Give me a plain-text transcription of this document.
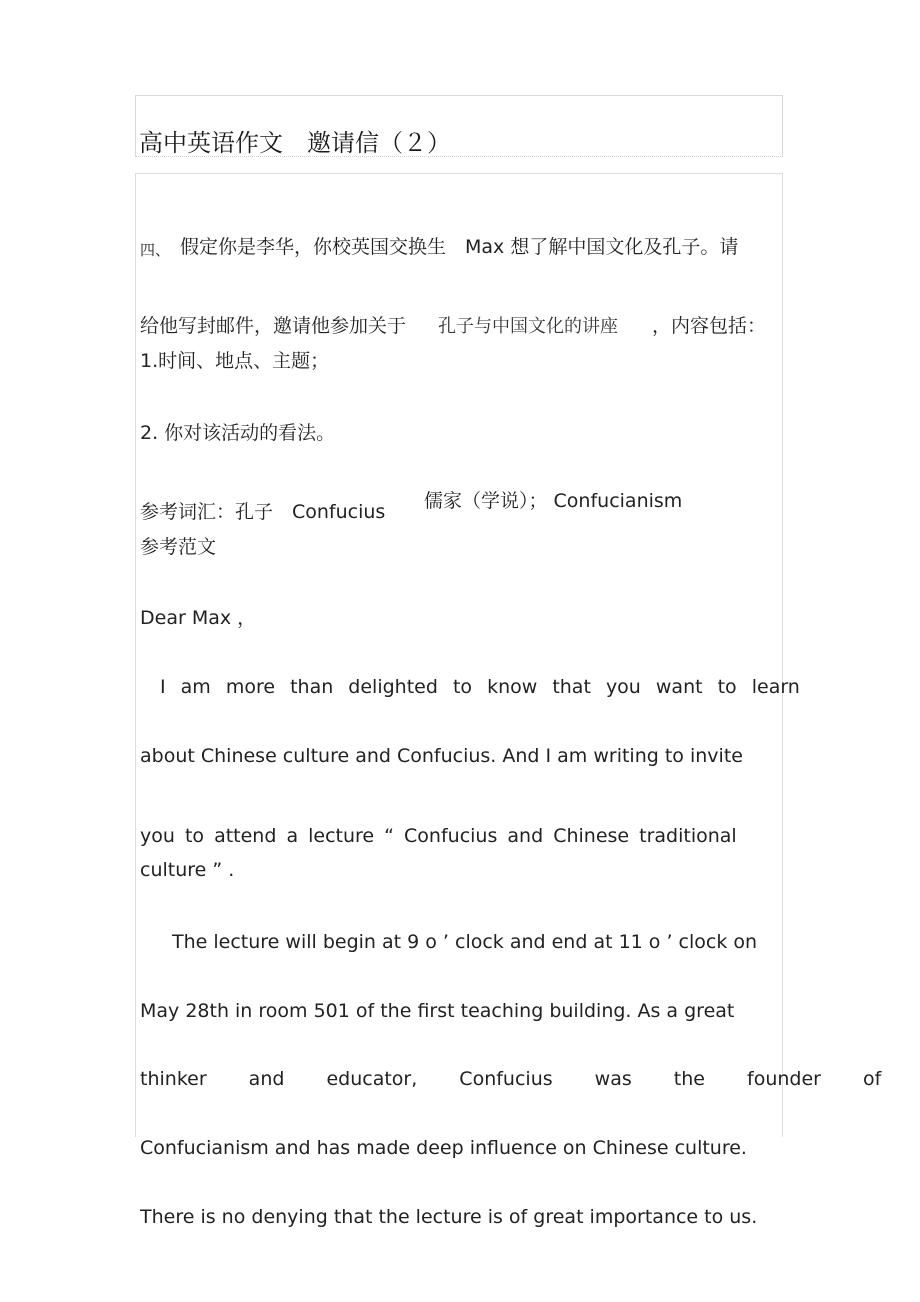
高中英语作文　邀请信（２）
四、 假定你是李华，你校英国交换生　Max 想了解中国文化及孔子。请
给他写封邮件，邀请他参加关于 孔子与中国文化的讲座 ，内容包括：
1.时间、地点、主题；
2. 你对该活动的看法。
参考词汇：孔子　Confucius 儒家（学说）； Confucianism
参考范文
Dear Max ，
I am more than delighted to know that you want to learn
about Chinese culture and Confucius. And I am writing to invite
you to attend a lecture “ Confucius and Chinese traditional
culture ” .
The lecture will begin at 9 o ’ clock and end at 11 o ’ clock on
May 28th in room 501 of the first teaching building. As a great
thinker and educator, Confucius was the founder of
Confucianism and has made deep influence on Chinese culture.
There is no denying that the lecture is of great importance to us.
